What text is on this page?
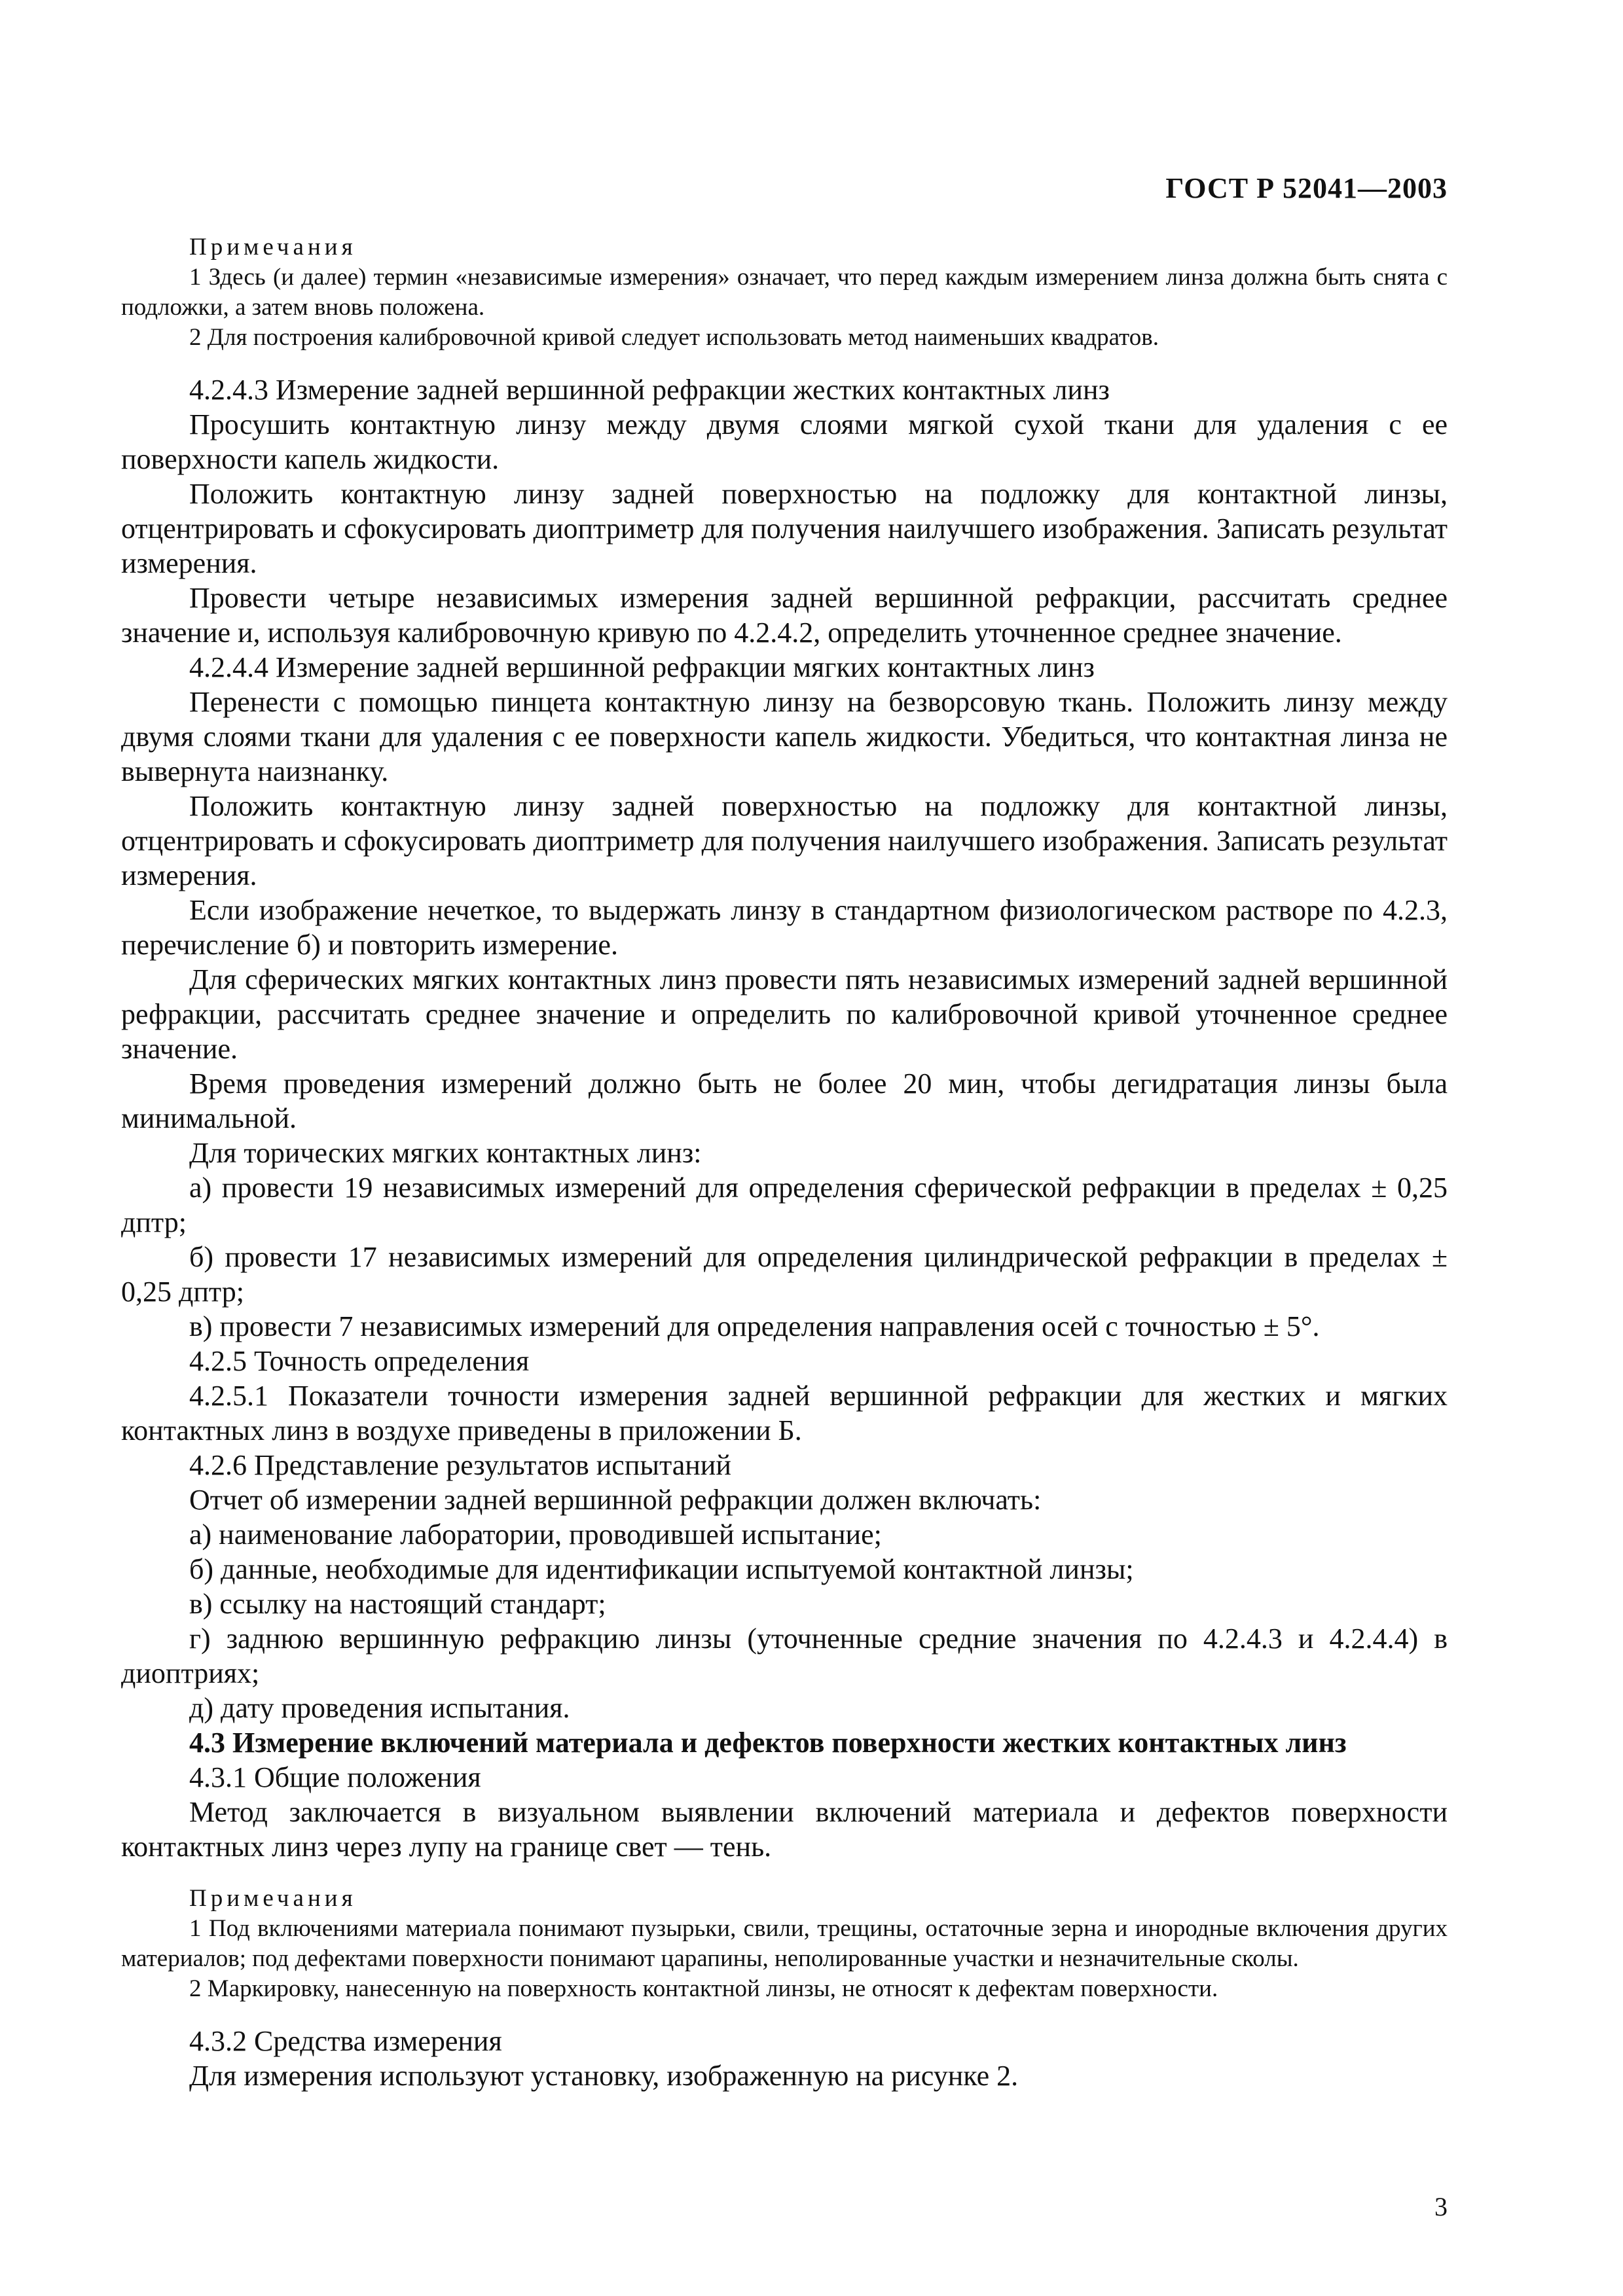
ГОСТ Р 52041—2003

Примечания

1 Здесь (и далее) термин «независимые измерения» означает, что перед каждым измерением линза должна быть снята с подложки, а затем вновь положена.

2 Для построения калибровочной кривой следует использовать метод наименьших квадратов.

4.2.4.3 Измерение задней вершинной рефракции жестких контактных линз

Просушить контактную линзу между двумя слоями мягкой сухой ткани для удаления с ее поверхности капель жидкости.

Положить контактную линзу задней поверхностью на подложку для контактной линзы, отцентрировать и сфокусировать диоптриметр для получения наилучшего изображения. Записать результат измерения.

Провести четыре независимых измерения задней вершинной рефракции, рассчитать среднее значение и, используя калибровочную кривую по 4.2.4.2, определить уточненное среднее значение.

4.2.4.4 Измерение задней вершинной рефракции мягких контактных линз

Перенести с помощью пинцета контактную линзу на безворсовую ткань. Положить линзу между двумя слоями ткани для удаления с ее поверхности капель жидкости. Убедиться, что контактная линза не вывернута наизнанку.

Положить контактную линзу задней поверхностью на подложку для контактной линзы, отцентрировать и сфокусировать диоптриметр для получения наилучшего изображения. Записать результат измерения.

Если изображение нечеткое, то выдержать линзу в стандартном физиологическом растворе по 4.2.3, перечисление б) и повторить измерение.

Для сферических мягких контактных линз провести пять независимых измерений задней вершинной рефракции, рассчитать среднее значение и определить по калибровочной кривой уточненное среднее значение.

Время проведения измерений должно быть не более 20 мин, чтобы дегидратация линзы была минимальной.

Для торических мягких контактных линз:

а) провести 19 независимых измерений для определения сферической рефракции в пределах ± 0,25 дптр;

б) провести 17 независимых измерений для определения цилиндрической рефракции в пределах ± 0,25 дптр;

в) провести 7 независимых измерений для определения направления осей с точностью ± 5°.

4.2.5 Точность определения

4.2.5.1 Показатели точности измерения задней вершинной рефракции для жестких и мягких контактных линз в воздухе приведены в приложении Б.

4.2.6 Представление результатов испытаний

Отчет об измерении задней вершинной рефракции должен включать:

а) наименование лаборатории, проводившей испытание;

б) данные, необходимые для идентификации испытуемой контактной линзы;

в) ссылку на настоящий стандарт;

г) заднюю вершинную рефракцию линзы (уточненные средние значения по 4.2.4.3 и 4.2.4.4) в диоптриях;

д) дату проведения испытания.

4.3 Измерение включений материала и дефектов поверхности жестких контактных линз

4.3.1 Общие положения

Метод заключается в визуальном выявлении включений материала и дефектов поверхности контактных линз через лупу на границе свет — тень.

Примечания

1 Под включениями материала понимают пузырьки, свили, трещины, остаточные зерна и инородные включения других материалов; под дефектами поверхности понимают царапины, неполированные участки и незначительные сколы.

2 Маркировку, нанесенную на поверхность контактной линзы, не относят к дефектам поверхности.

4.3.2 Средства измерения

Для измерения используют установку, изображенную на рисунке 2.

3
